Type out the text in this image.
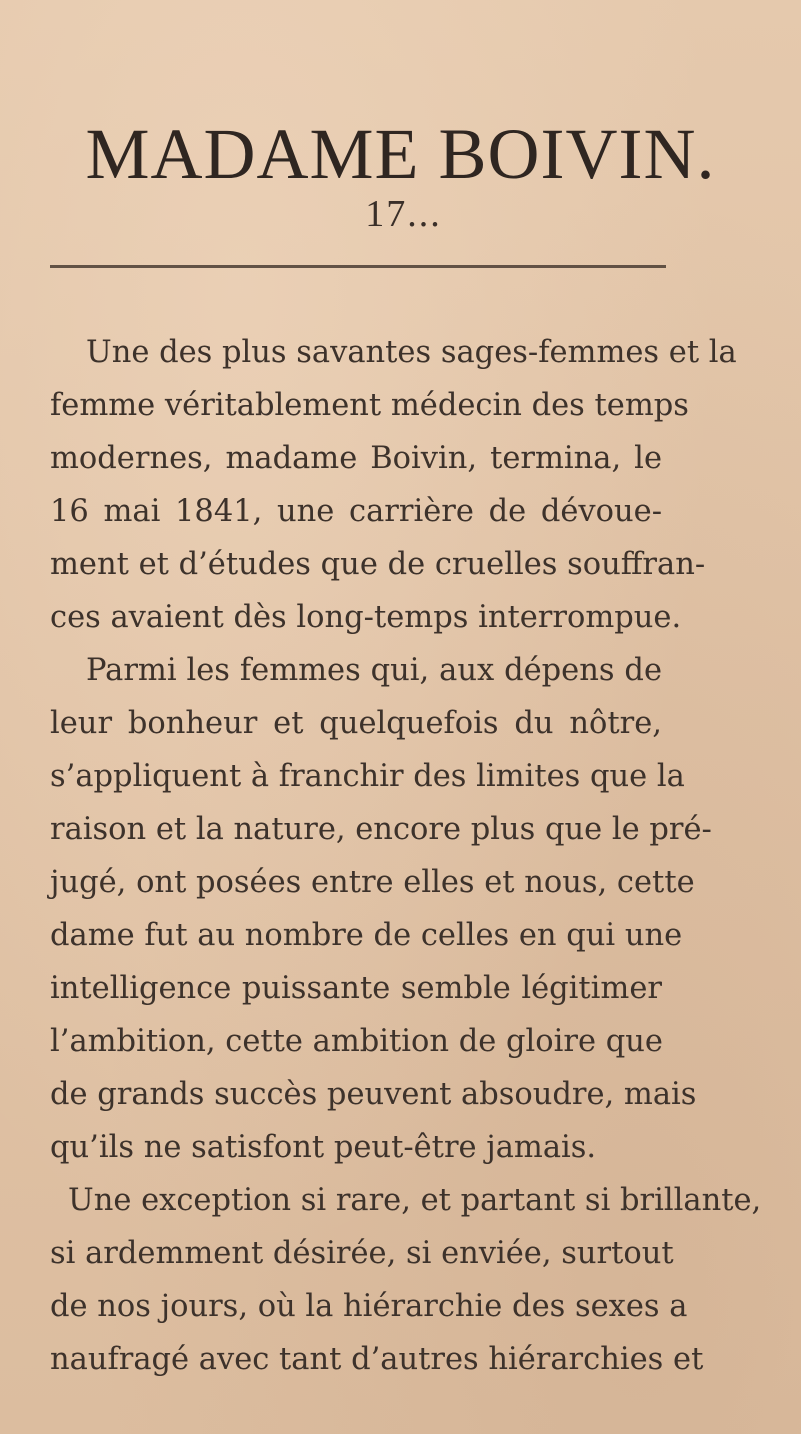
MADAME BOIVIN.
17...
Une des plus savantes sages-femmes et la
femme véritablement médecin des temps
modernes, madame Boivin, termina, le
16 mai 1841, une carrière de dévoue-
ment et d’études que de cruelles souffran-
ces avaient dès long-temps interrompue.
Parmi les femmes qui, aux dépens de
leur bonheur et quelquefois du nôtre,
s’appliquent à franchir des limites que la
raison et la nature, encore plus que le pré-
jugé, ont posées entre elles et nous, cette
dame fut au nombre de celles en qui une
intelligence puissante semble légitimer
l’ambition, cette ambition de gloire que
de grands succès peuvent absoudre, mais
qu’ils ne satisfont peut-être jamais.
Une exception si rare, et partant si brillante,
si ardemment désirée, si enviée, surtout
de nos jours, où la hiérarchie des sexes a
naufragé avec tant d’autres hiérarchies et
